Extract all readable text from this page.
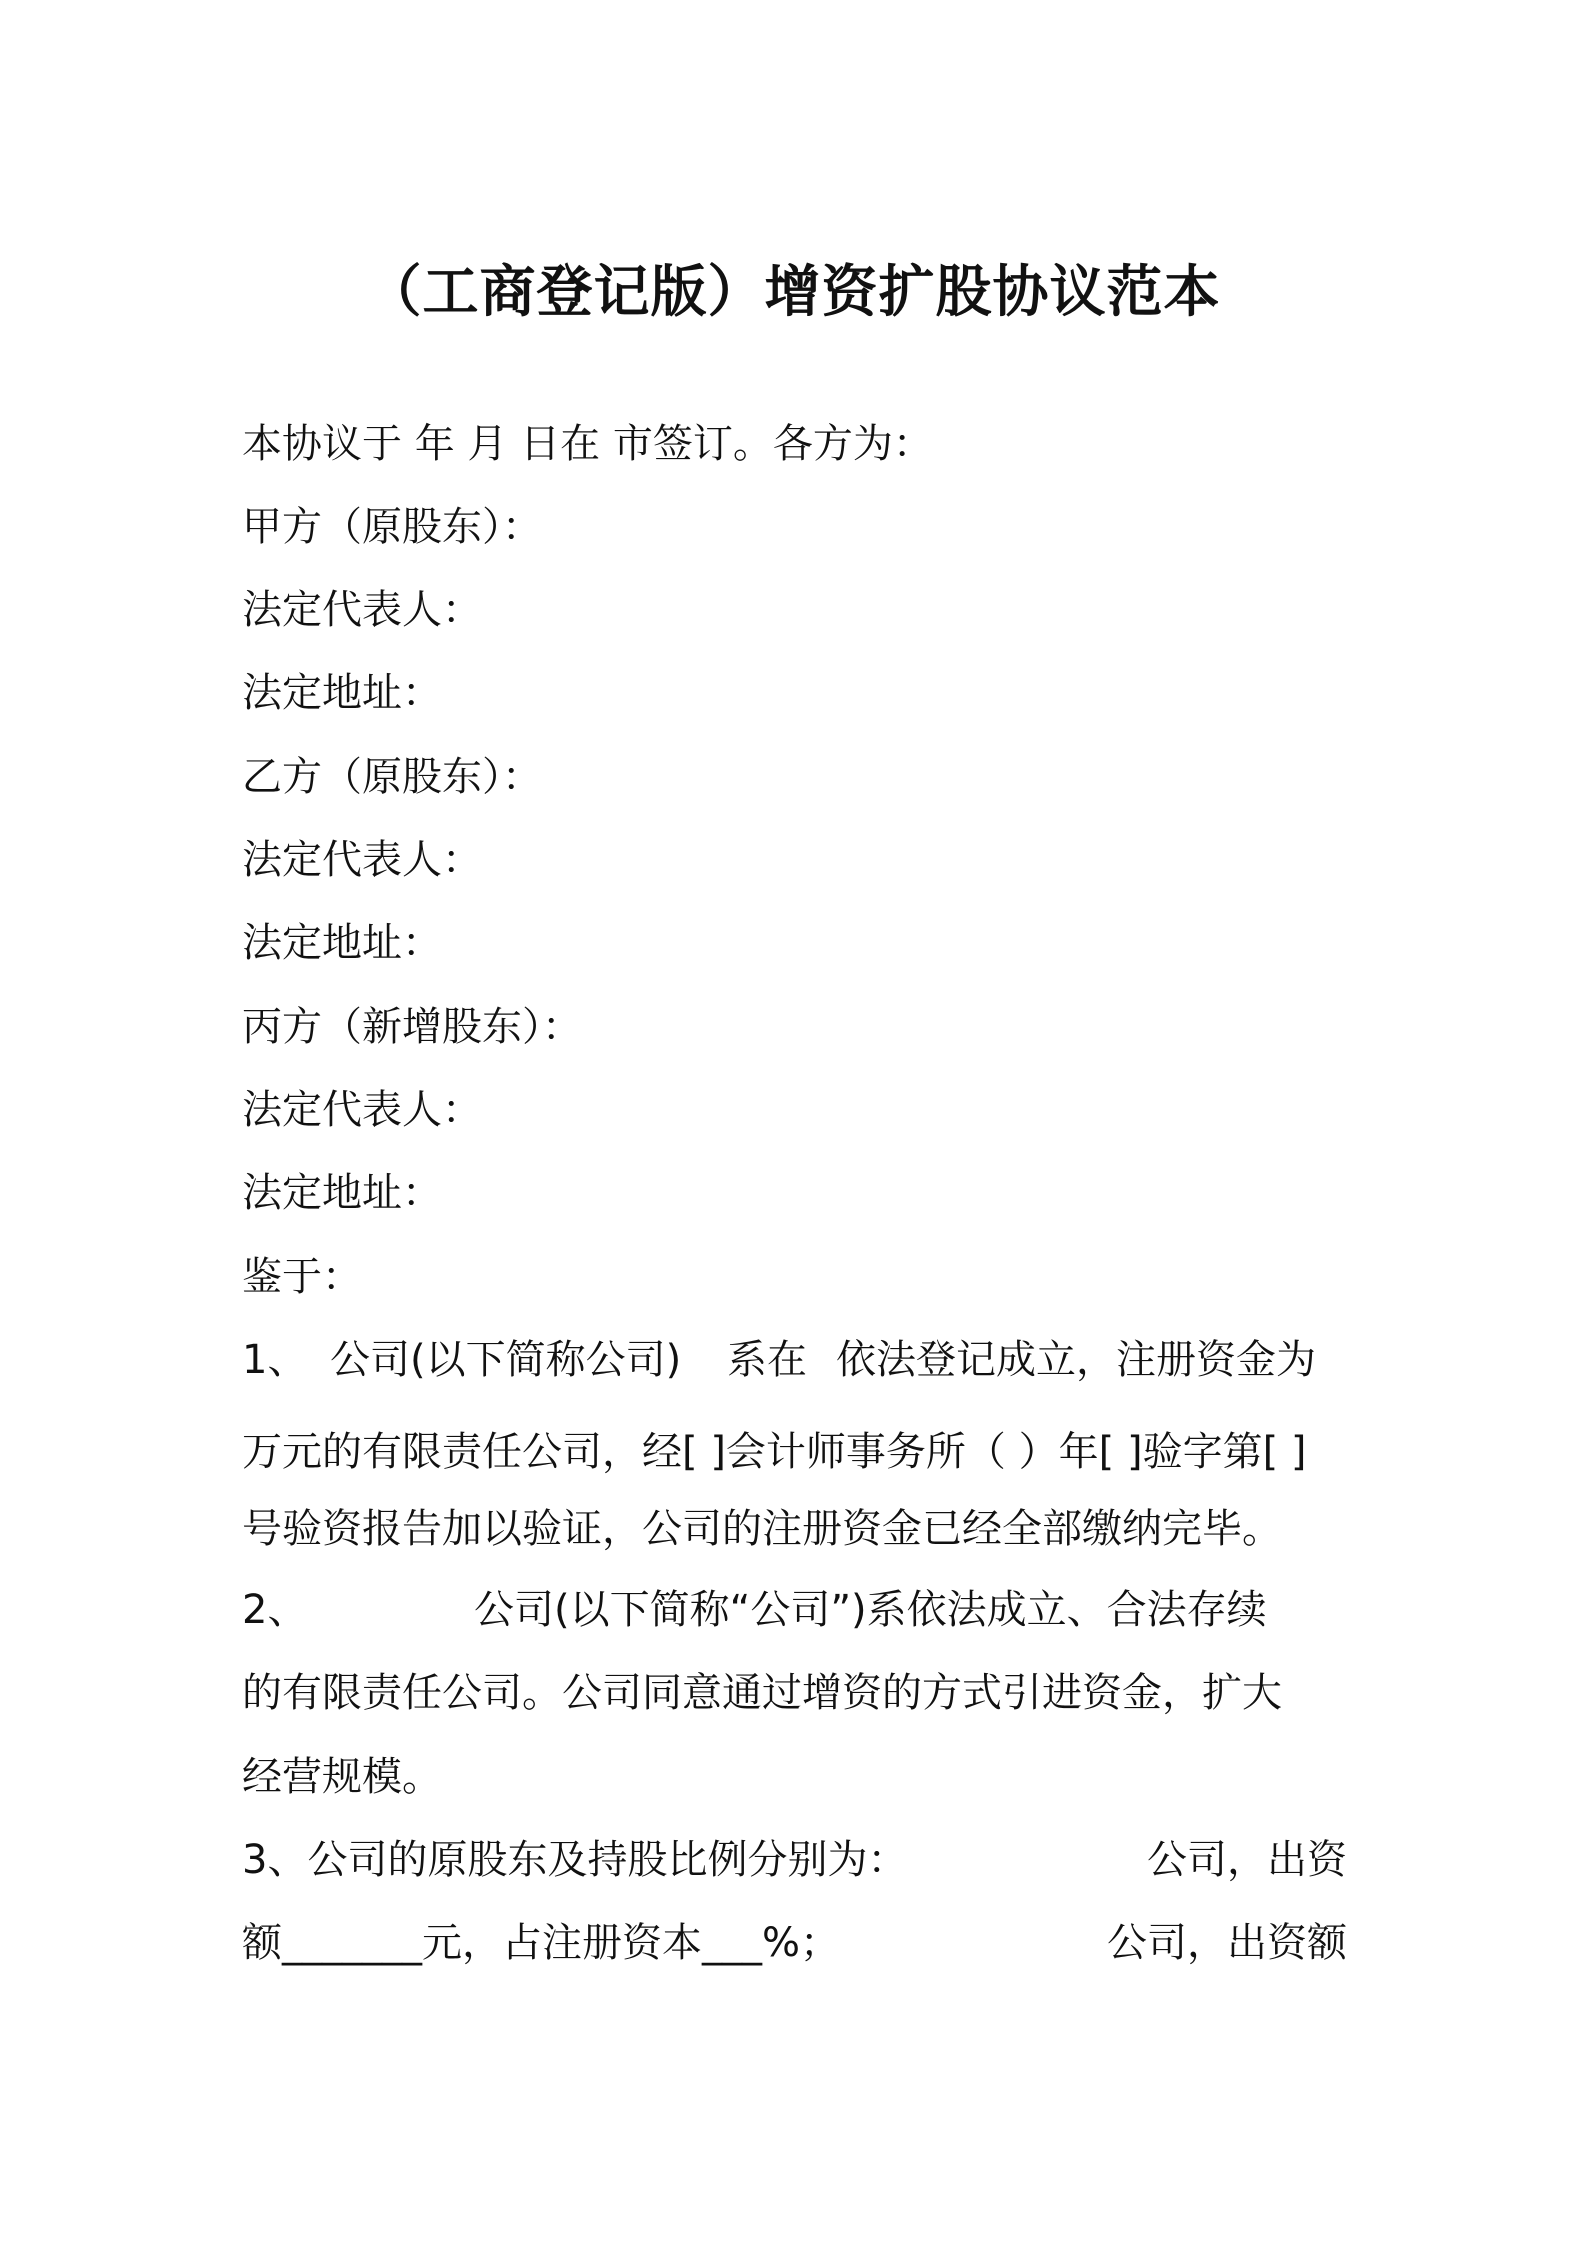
（工商登记版）增资扩股协议范本
本协议于 年 月 日在 市签订。各方为：
甲方（原股东）：
法定代表人：
法定地址：
乙方（原股东）：
法定代表人：
法定地址：
丙方（新增股东）：
法定代表人：
法定地址：
鉴于：
1、 公司(以下简称公司) 系在 依法登记成立，注册资金为
万元的有限责任公司，经[ ]会计师事务所（ ）年[ ]验字第[ ]
号验资报告加以验证，公司的注册资金已经全部缴纳完毕。
2、	公司(以下简称“公司”)系依法成立、合法存续
的有限责任公司。公司同意通过增资的方式引进资金，扩大
经营规模。
3、公司的原股东及持股比例分别为：	公司，出资
额_______元，占注册资本___%；	公司，出资额
